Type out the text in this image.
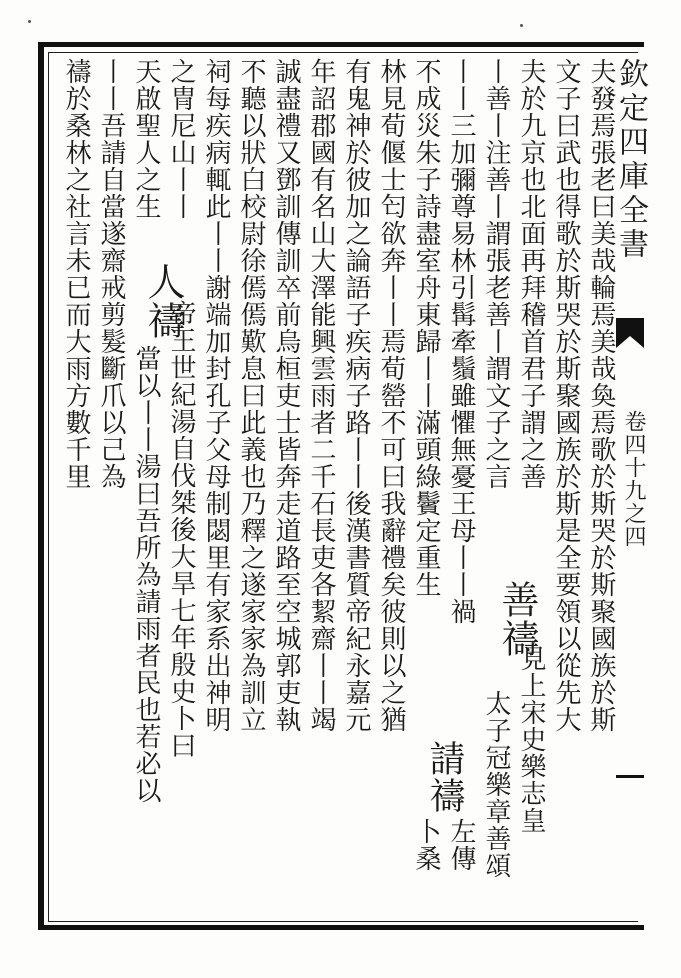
欽定四庫全書
卷四十九之四
夫發焉張老曰美哉輪焉美哉奐焉歌於斯哭於斯聚國族於斯
文子曰武也得歌於斯哭於斯聚國族於斯是全要領以從先大
夫於九京也北面再拜稽首君子謂之善
見上宋史樂志皇
丨善丨注善丨謂張老善丨謂文子之言
善禱
太子冠樂章善頌
丨丨三加彌尊易林引髯牽鬚雖懼無憂王母丨丨禍
不成災朱子詩盡室舟東歸丨丨滿頭綠鬢定重生
左傳
請禱
林見荀偃士匄欲奔丨丨焉荀罃不可曰我辭禮矣彼則以之猶
卜桑
有鬼神於彼加之論語子疾病子路丨丨後漢書質帝紀永嘉元
年詔郡國有名山大澤能興雲雨者二千石長吏各絜齋丨丨竭
誠盡禮又鄧訓傳訓卒前烏桓吏士皆奔走道路至空城郭吏執
不聽以狀白校尉徐傿傿歎息曰此義也乃釋之遂家家為訓立
祠每疾病輒此丨丨謝端加封孔子父母制閟里有家系出神明
之冑尼山丨丨
帝王世紀湯自伐桀後大旱七年殷史卜曰
天啟聖人之生
人禱
當以丨丨湯曰吾所為請雨者民也若必以
丨丨吾請自當遂齋戒剪髮斷爪以己為
禱於桑林之社言未已而大雨方數千里
